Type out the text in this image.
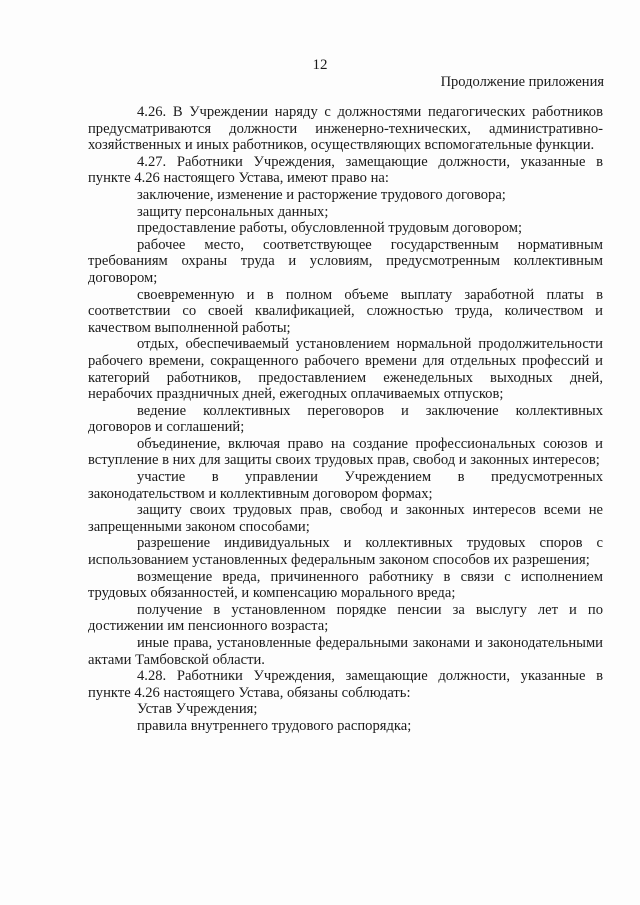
12
Продолжение приложения

4.26. В Учреждении наряду с должностями педагогических работников предусматриваются должности инженерно-технических, административно-хозяйственных и иных работников, осуществляющих вспомогательные функции.

4.27. Работники Учреждения, замещающие должности, указанные в пункте 4.26 настоящего Устава, имеют право на:

заключение, изменение и расторжение трудового договора;

защиту персональных данных;

предоставление работы, обусловленной трудовым договором;

рабочее место, соответствующее государственным нормативным требованиям охраны труда и условиям, предусмотренным коллективным договором;

своевременную и в полном объеме выплату заработной платы в соответствии со своей квалификацией, сложностью труда, количеством и качеством выполненной работы;

отдых, обеспечиваемый установлением нормальной продолжительности рабочего времени, сокращенного рабочего времени для отдельных профессий и категорий работников, предоставлением еженедельных выходных дней, нерабочих праздничных дней, ежегодных оплачиваемых отпусков;

ведение коллективных переговоров и заключение коллективных договоров и соглашений;

объединение, включая право на создание профессиональных союзов и вступление в них для защиты своих трудовых прав, свобод и законных интересов;

участие в управлении Учреждением в предусмотренных законодательством и коллективным договором формах;

защиту своих трудовых прав, свобод и законных интересов всеми не запрещенными законом способами;

разрешение индивидуальных и коллективных трудовых споров с использованием установленных федеральным законом способов их разрешения;

возмещение вреда, причиненного работнику в связи с исполнением трудовых обязанностей, и компенсацию морального вреда;

получение в установленном порядке пенсии за выслугу лет и по достижении им пенсионного возраста;

иные права, установленные федеральными законами и законодательными актами Тамбовской области.

4.28. Работники Учреждения, замещающие должности, указанные в пункте 4.26 настоящего Устава, обязаны соблюдать:

Устав Учреждения;

правила внутреннего трудового распорядка;
